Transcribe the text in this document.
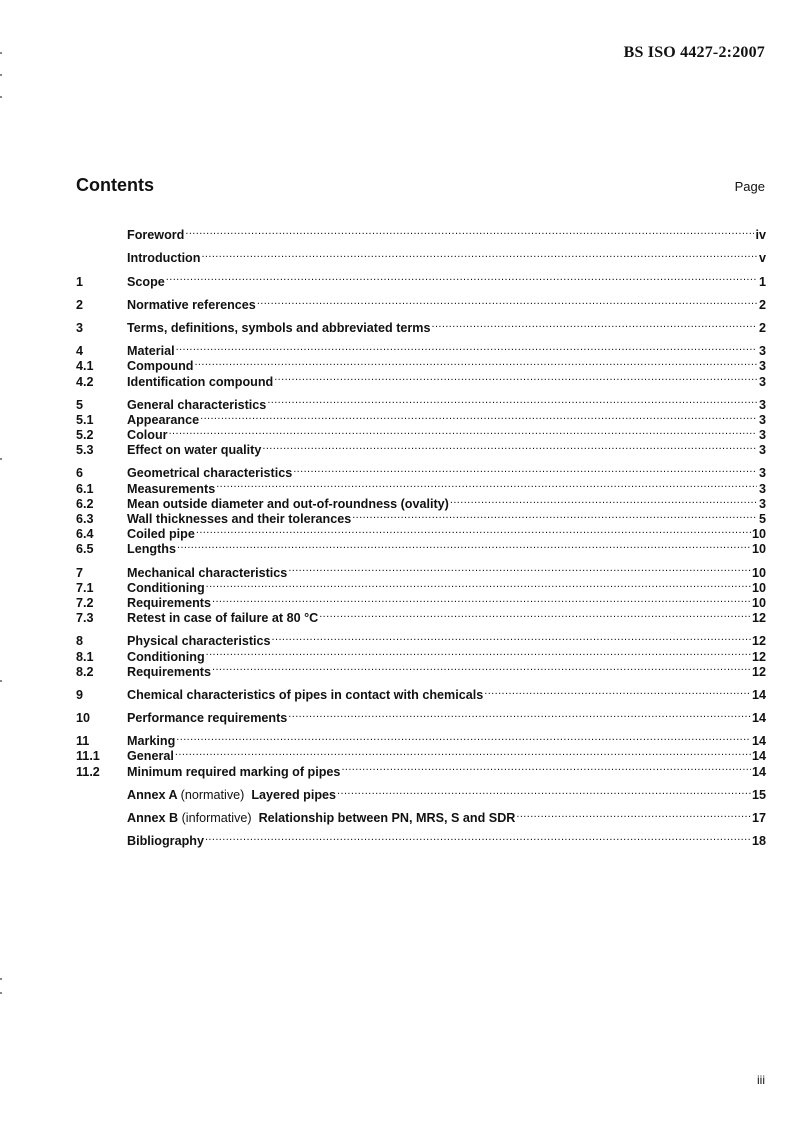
BS ISO 4427-2:2007
Contents	Page
Foreword .....	iv
Introduction .....	v
1	Scope .....	1
2	Normative references .....	2
3	Terms, definitions, symbols and abbreviated terms .....	2
4	Material .....	3
4.1	Compound .....	3
4.2	Identification compound .....	3
5	General characteristics .....	3
5.1	Appearance .....	3
5.2	Colour .....	3
5.3	Effect on water quality .....	3
6	Geometrical characteristics .....	3
6.1	Measurements .....	3
6.2	Mean outside diameter and out-of-roundness (ovality) .....	3
6.3	Wall thicknesses and their tolerances .....	5
6.4	Coiled pipe .....	10
6.5	Lengths .....	10
7	Mechanical characteristics .....	10
7.1	Conditioning .....	10
7.2	Requirements .....	10
7.3	Retest in case of failure at 80 °C .....	12
8	Physical characteristics .....	12
8.1	Conditioning .....	12
8.2	Requirements .....	12
9	Chemical characteristics of pipes in contact with chemicals .....	14
10	Performance requirements .....	14
11	Marking .....	14
11.1	General .....	14
11.2	Minimum required marking of pipes .....	14
Annex A (normative) Layered pipes .....	15
Annex B (informative) Relationship between PN, MRS, S and SDR .....	17
Bibliography .....	18
iii
